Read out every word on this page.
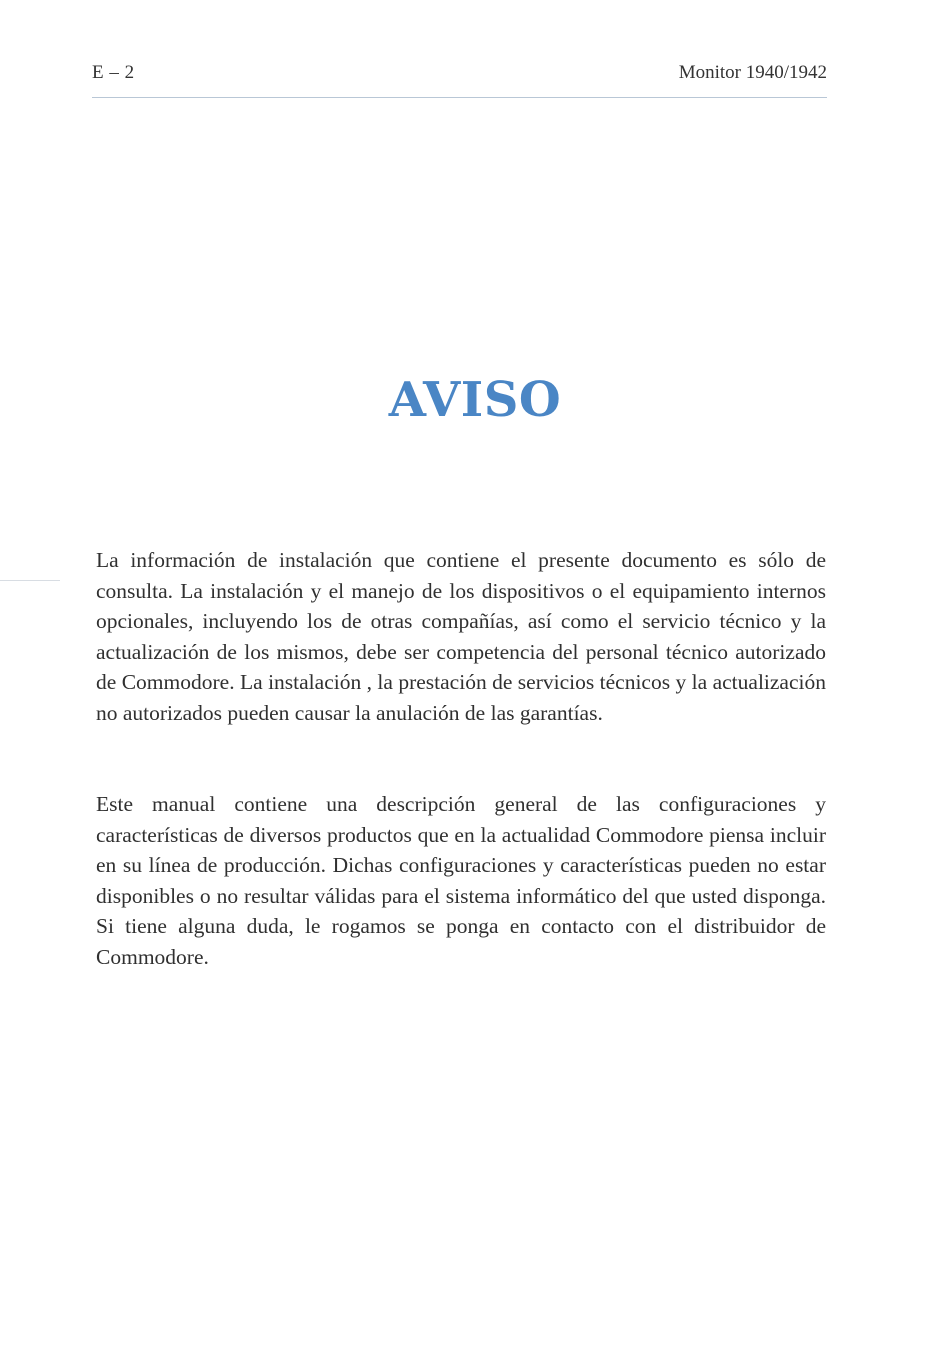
E – 2	Monitor 1940/1942
AVISO

La información de instalación que contiene el presente documento es sólo de consulta. La instalación y el manejo de los dispositivos o el equipamiento internos opcionales, incluyendo los de otras compañías, así como el servicio técnico y la actualización de los mismos, debe ser competencia del personal técnico autorizado de Commodore. La instalación , la prestación de servicios técnicos y la actualización no autorizados pueden causar la anulación de las garantías.

Este manual contiene una descripción general de las configuraciones y características de diversos productos que en la actualidad Commodore piensa incluir en su línea de producción. Dichas configuraciones y características pueden no estar disponibles o no resultar válidas para el sistema informático del que usted disponga. Si tiene alguna duda, le rogamos se ponga en contacto con el distribuidor de Commodore.
